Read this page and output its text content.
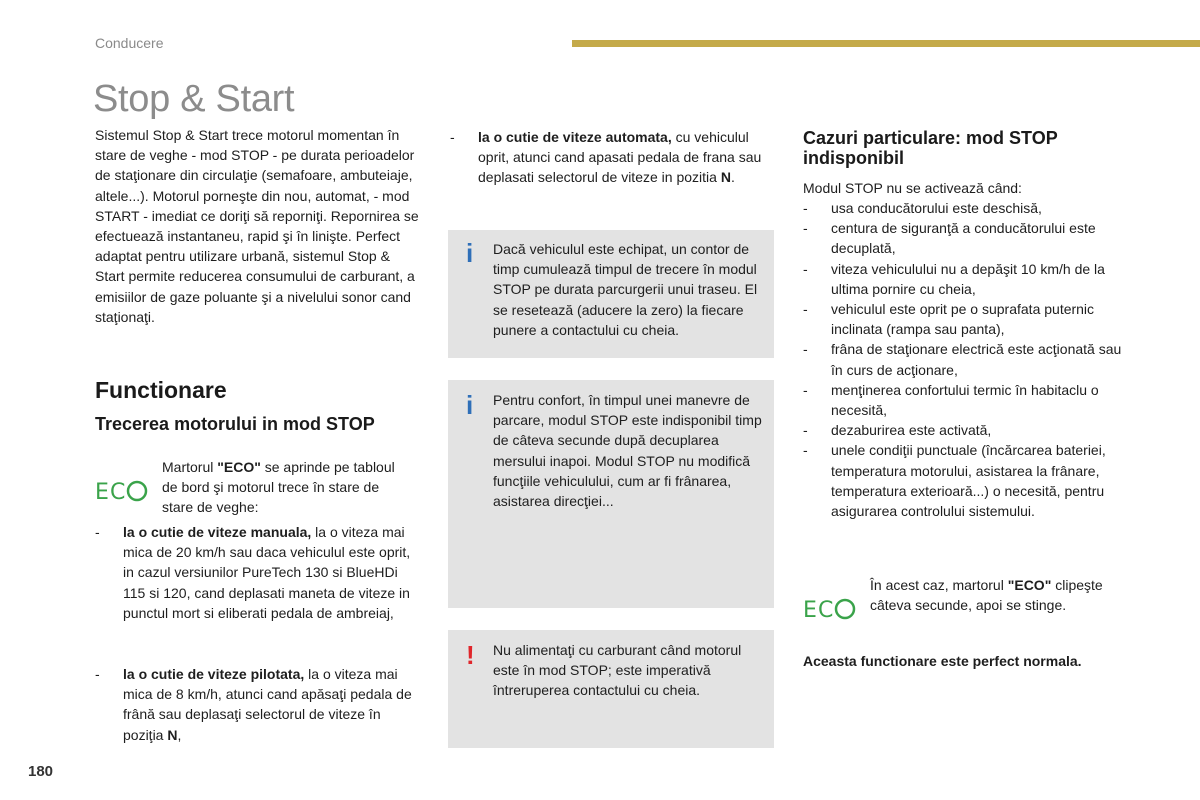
Conducere
Stop & Start

Sistemul Stop & Start trece motorul momentan în stare de veghe - mod STOP - pe durata perioadelor de staţionare din circulaţie (semafoare, ambuteiaje, altele...). Motorul porneşte din nou, automat, - mod START - imediat ce doriţi să reporniţi. Repornirea se efectuează instantaneu, rapid şi în linişte. Perfect adaptat pentru utilizare urbană, sistemul Stop & Start permite reducerea consumului de carburant, a emisiilor de gaze poluante şi a nivelului sonor cand staţionaţi.

Functionare
Trecerea motorului in mod STOP
E C
Martorul "ECO" se aprinde pe tabloul de bord şi motorul trece în stare de stare de veghe:
- la o cutie de viteze manuala, la o viteza mai mica de 20 km/h sau daca vehiculul este oprit, in cazul versiunilor PureTech 130 si BlueHDi 115 si 120, cand deplasati maneta de viteze in punctul mort si eliberati pedala de ambreiaj,
- la o cutie de viteze pilotata, la o viteza mai mica de 8 km/h, atunci cand apăsaţi pedala de frână sau deplasaţi selectorul de viteze în poziţia N,
- la o cutie de viteze automata, cu vehiculul oprit, atunci cand apasati pedala de frana sau deplasati selectorul de viteze in pozitia N.
i Dacă vehiculul este echipat, un contor de timp cumulează timpul de trecere în modul STOP pe durata parcurgerii unui traseu. El se resetează (aducere la zero) la fiecare punere a contactului cu cheia.
i Pentru confort, în timpul unei manevre de parcare, modul STOP este indisponibil timp de câteva secunde după decuplarea mersului inapoi. Modul STOP nu modifică funcţiile vehiculului, cum ar fi frânarea, asistarea direcţiei...
! Nu alimentaţi cu carburant când motorul este în mod STOP; este imperativă întreruperea contactului cu cheia.
Cazuri particulare: mod STOP indisponibil
Modul STOP nu se activează când:
- usa conducătorului este deschisă,
- centura de siguranţă a conducătorului este decuplată,
- viteza vehiculului nu a depăşit 10 km/h de la ultima pornire cu cheia,
- vehiculul este oprit pe o suprafata puternic inclinata (rampa sau panta),
- frâna de staţionare electrică este acţionată sau în curs de acţionare,
- menţinerea confortului termic în habitaclu o necesită,
- dezaburirea este activată,
- unele condiţii punctuale (încărcarea bateriei, temperatura motorului, asistarea la frânare, temperatura exterioară...) o necesită, pentru asigurarea controlului sistemului.
E C
În acest caz, martorul "ECO" clipeşte câteva secunde, apoi se stinge.
Aceasta functionare este perfect normala.
180
